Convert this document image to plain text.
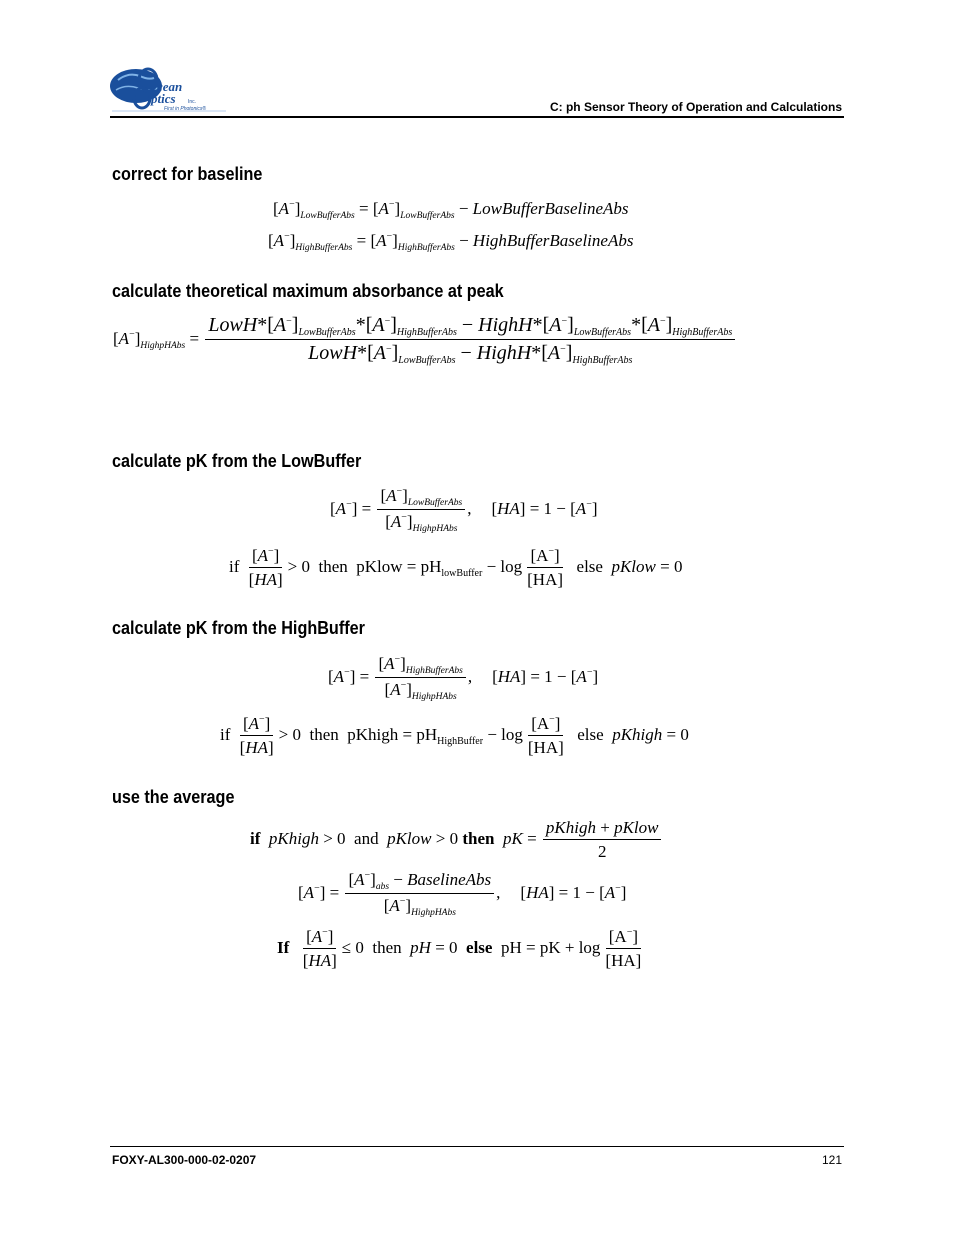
cean
ptics Inc.
First in Photonics®	C: ph Sensor Theory of Operation and Calculations
correct for baseline
$[A^-]_{LowBufferAbs} = [A^-]_{LowBufferAbs}$ − LowBufferBaselineAbs
$[A^-]_{HighBufferAbs} = [A^-]_{HighBufferAbs}$ − HighBufferBaselineAbs
calculate theoretical maximum absorbance at peak
$[A^-]_{HighpHAbs}$ =
$LowH*[A^-]_{LowBufferAbs}*[A^-]_{HighBufferAbs}$ − $HighH*[A^-]_{LowBufferAbs}*[A^-]_{HighBufferAbs}$
$LowH*[A^-]_{LowBufferAbs}$ − $HighH*[A^-]_{HighBufferAbs}$
calculate pK from the LowBuffer
$[A^-] = \frac{[A^-]_{LowBufferAbs}}{[A^-]_{HighpHAbs}}$ , [HA] = 1 − [A−]
if $\frac{[A^-]}{[HA]} > 0$  then  pKlow = $pH_{lowBuffer} - \log \frac{[A^-]}{[HA]}$ else  pKlow = 0
calculate pK from the HighBuffer
$[A^-] = \frac{[A^-]_{HighBufferAbs}}{[A^-]_{HighpHAbs}}$ , [HA] = 1 − [A−]
if $\frac{[A^-]}{[HA]} > 0$  then  pKhigh = $pH_{HighBuffer} - \log \frac{[A^-]}{[HA]}$ else  pKhigh = 0
use the average
if pKhigh > 0  and  pKlow > 0 then pK = $\frac{\text{pKhigh + pKlow}}{2}$
$[A^-] = \frac{[A^-]_{abs} - BaselineAbs}{[A^-]_{HighpHAbs}}$ , [HA] = 1 − [A−]
If $\frac{[A^-]}{[HA]} \le 0$  then  pH = 0  else  pH = pK + $\log \frac{[A^-]}{[HA]}$
FOXY-AL300-000-02-0207	121
